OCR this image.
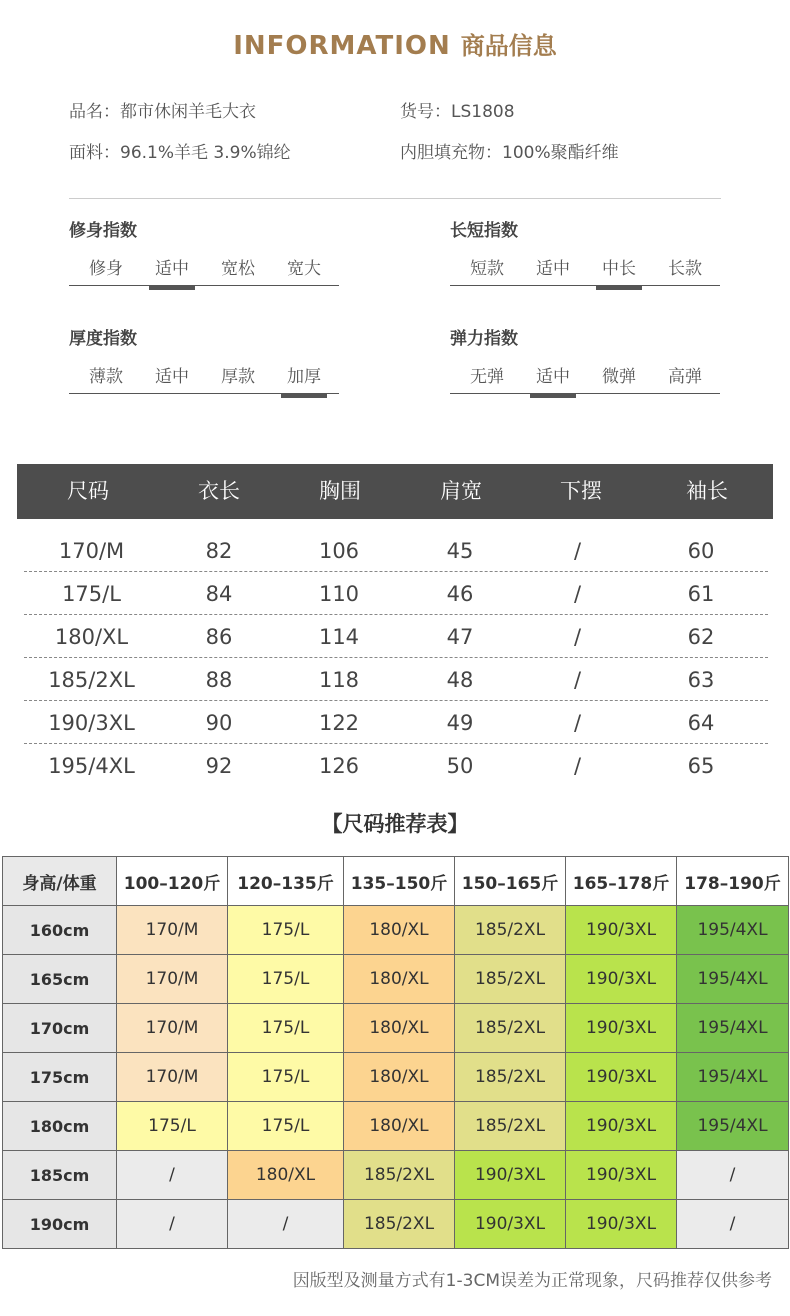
INFORMATION 商品信息
品名：都市休闲羊毛大衣	货号：LS1808
面料：96.1%羊毛 3.9%锦纶	内胆填充物：100%聚酯纤维
修身指数
修身	适中	宽松	宽大
长短指数
短款	适中	中长	长款
厚度指数
薄款	适中	厚款	加厚
弹力指数
无弹	适中	微弹	高弹
尺码	衣长	胸围	肩宽	下摆	袖长
170/M	82	106	45	/	60
175/L	84	110	46	/	61
180/XL	86	114	47	/	62
185/2XL	88	118	48	/	63
190/3XL	90	122	49	/	64
195/4XL	92	126	50	/	65
【尺码推荐表】
身高/体重	100–120斤	120–135斤	135–150斤	150–165斤	165–178斤	178–190斤
160cm	170/M	175/L	180/XL	185/2XL	190/3XL	195/4XL
165cm	170/M	175/L	180/XL	185/2XL	190/3XL	195/4XL
170cm	170/M	175/L	180/XL	185/2XL	190/3XL	195/4XL
175cm	170/M	175/L	180/XL	185/2XL	190/3XL	195/4XL
180cm	175/L	175/L	180/XL	185/2XL	190/3XL	195/4XL
185cm	/	180/XL	185/2XL	190/3XL	190/3XL	/
190cm	/	/	185/2XL	190/3XL	190/3XL	/
因版型及测量方式有1-3CM误差为正常现象，尺码推荐仅供参考
